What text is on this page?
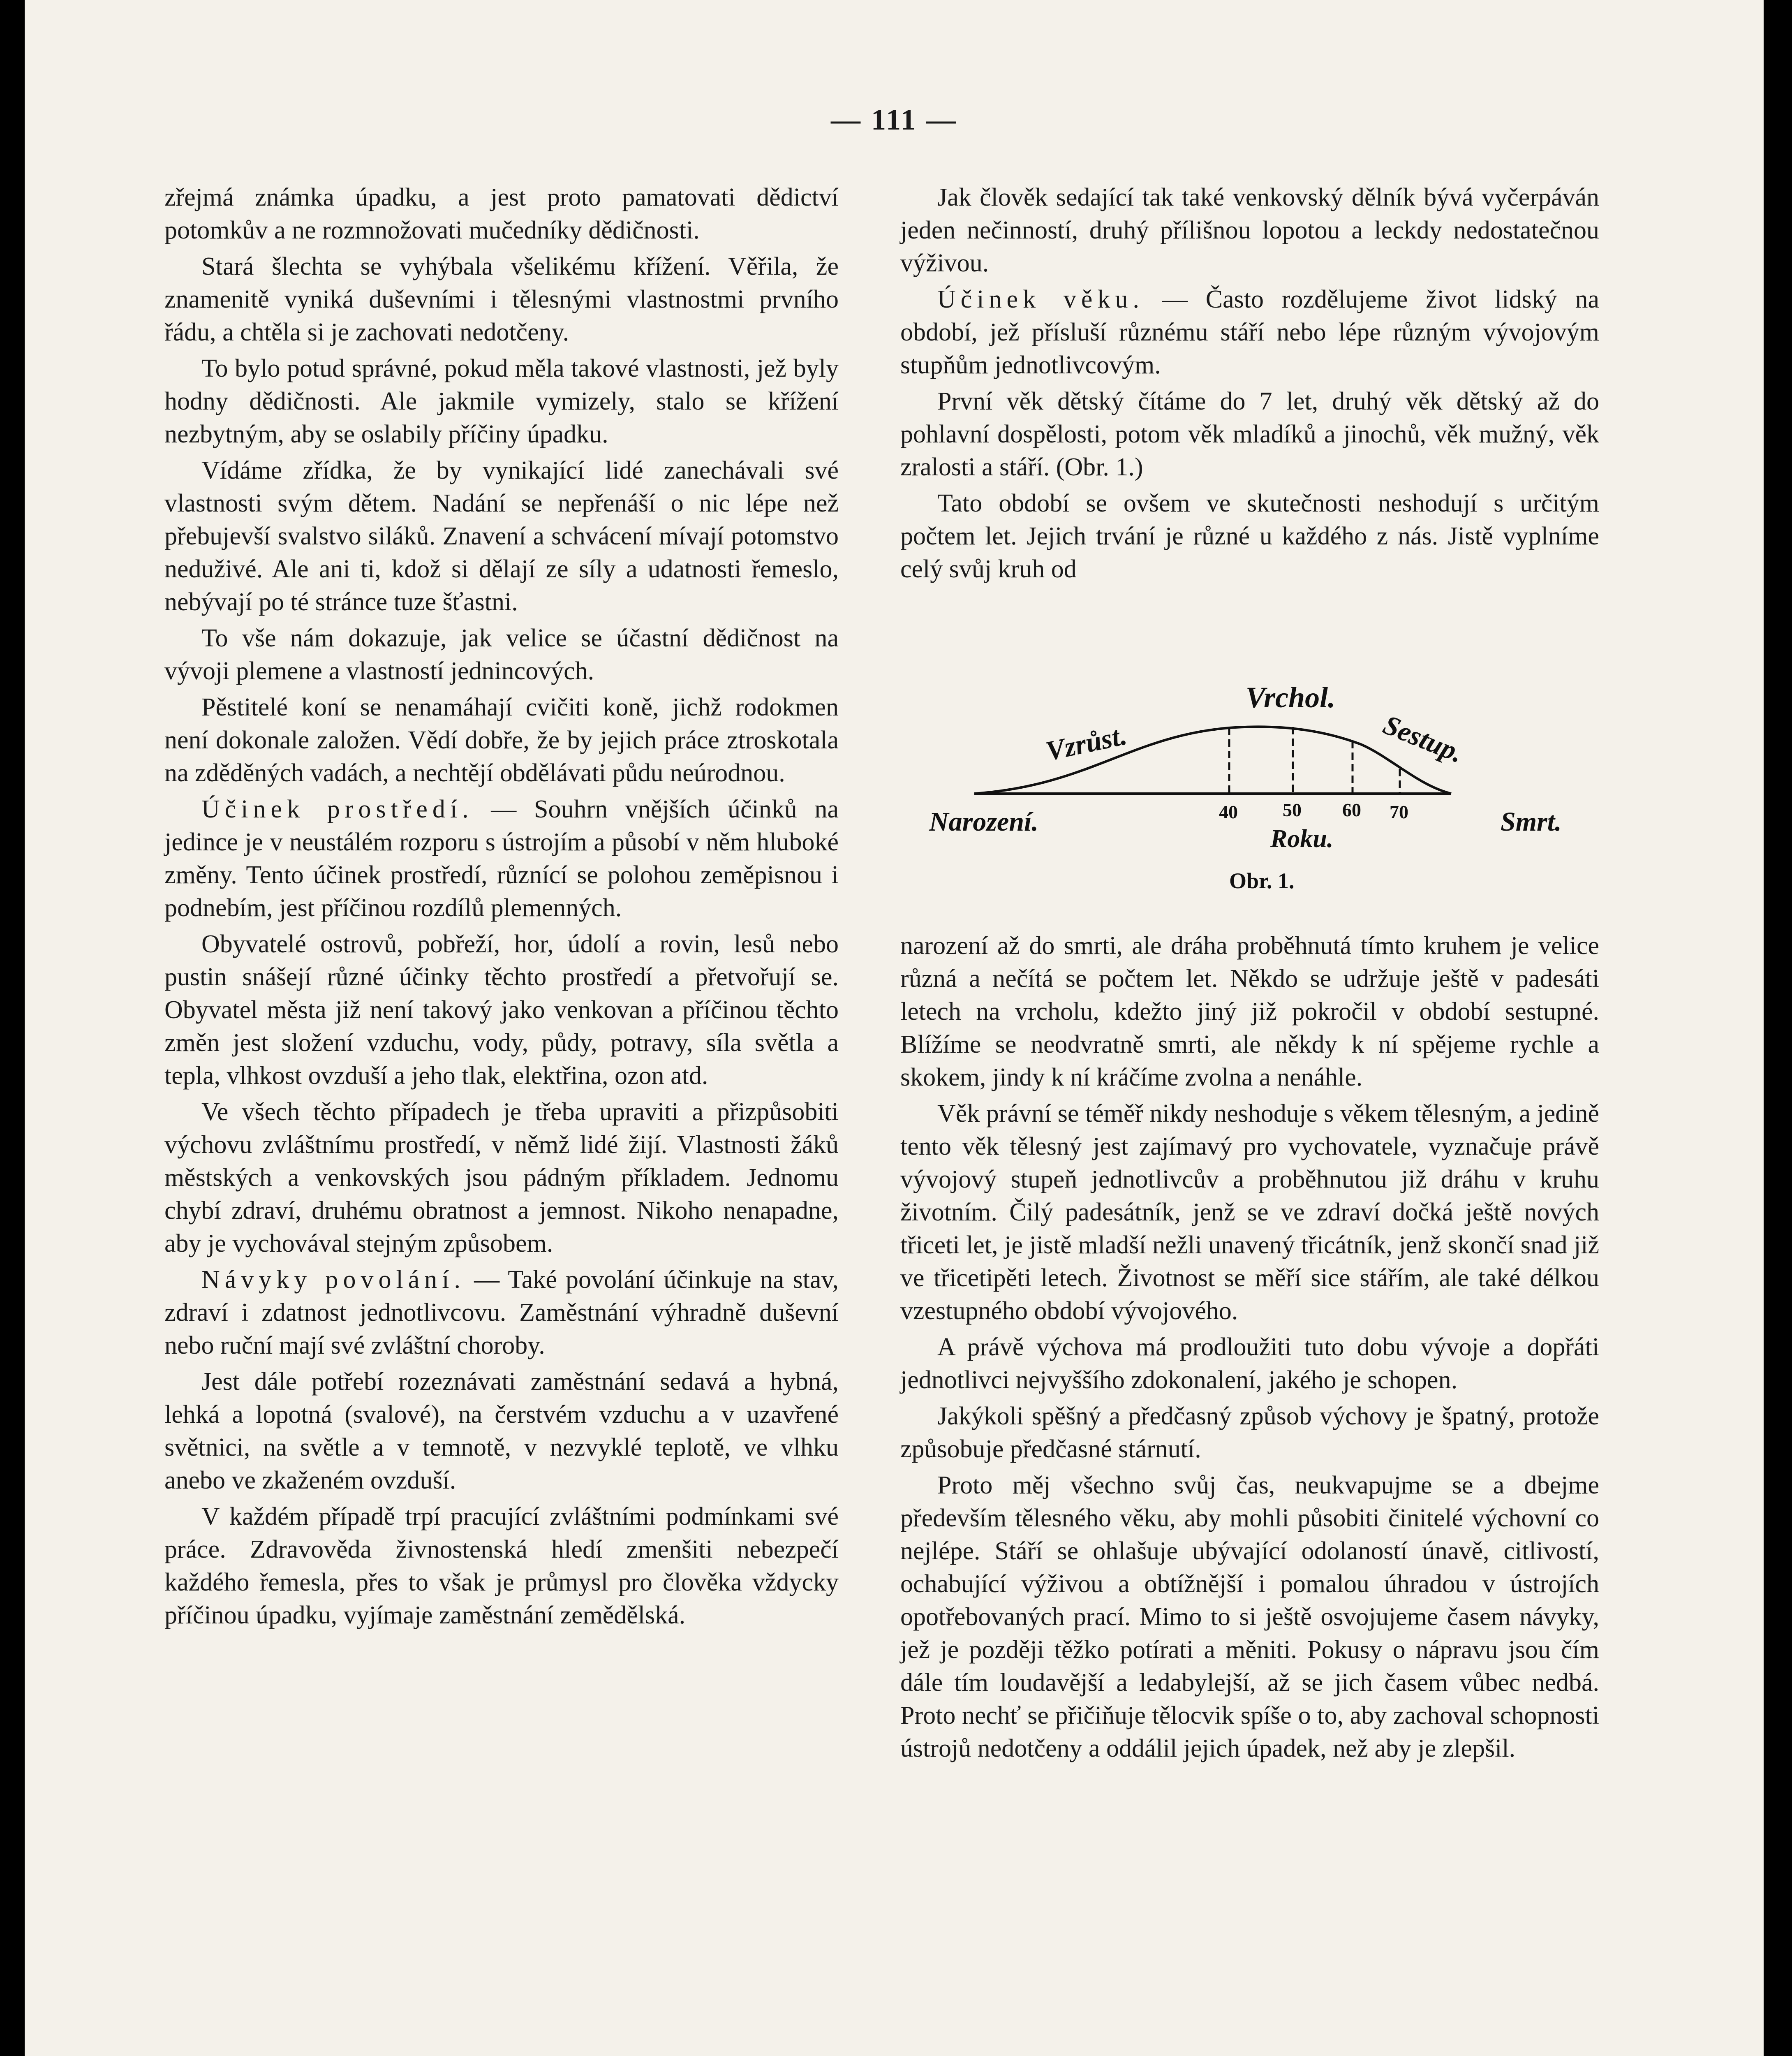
— 111 —

zřejmá známka úpadku, a jest proto pamatovati dědictví potomkův a ne rozmnožovati mučedníky dědičnosti.

Stará šlechta se vyhýbala všelikému křížení. Věřila, že znamenitě vyniká duševními i tělesnými vlastnostmi prvního řádu, a chtěla si je zachovati nedotčeny.

To bylo potud správné, pokud měla takové vlastnosti, jež byly hodny dědičnosti. Ale jakmile vymizely, stalo se křížení nezbytným, aby se oslabily příčiny úpadku.

Vídáme zřídka, že by vynikající lidé zanechávali své vlastnosti svým dětem. Nadání se nepřenáší o nic lépe než přebujevší svalstvo siláků. Znavení a schvácení mívají potomstvo neduživé. Ale ani ti, kdož si dělají ze síly a udatnosti řemeslo, nebývají po té stránce tuze šťastni.

To vše nám dokazuje, jak velice se účastní dědičnost na vývoji plemene a vlastností jednincových.

Pěstitelé koní se nenamáhají cvičiti koně, jichž rodokmen není dokonale založen. Vědí dobře, že by jejich práce ztroskotala na zděděných vadách, a nechtějí obdělávati půdu neúrodnou.

Účinek prostředí. — Souhrn vnějších účinků na jedince je v neustálém rozporu s ústrojím a působí v něm hluboké změny. Tento účinek prostředí, různící se polohou zeměpisnou i podnebím, jest příčinou rozdílů plemenných.

Obyvatelé ostrovů, pobřeží, hor, údolí a rovin, lesů nebo pustin snášejí různé účinky těchto prostředí a přetvořují se. Obyvatel města již není takový jako venkovan a příčinou těchto změn jest složení vzduchu, vody, půdy, potravy, síla světla a tepla, vlhkost ovzduší a jeho tlak, elektřina, ozon atd.

Ve všech těchto případech je třeba upraviti a přizpůsobiti výchovu zvláštnímu prostředí, v němž lidé žijí. Vlastnosti žáků městských a venkovských jsou pádným příkladem. Jednomu chybí zdraví, druhému obratnost a jemnost. Nikoho nenapadne, aby je vychovával stejným způsobem.

Návyky povolání. — Také povolání účinkuje na stav, zdraví i zdatnost jednotlivcovu. Zaměstnání výhradně duševní nebo ruční mají své zvláštní choroby.

Jest dále potřebí rozeznávati zaměstnání sedavá a hybná, lehká a lopotná (svalové), na čerstvém vzduchu a v uzavřené světnici, na světle a v temnotě, v nezvyklé teplotě, ve vlhku anebo ve zkaženém ovzduší.

V každém případě trpí pracující zvláštními podmínkami své práce. Zdravověda živnostenská hledí zmenšiti nebezpečí každého řemesla, přes to však je průmysl pro člověka vždycky příčinou úpadku, vyjímaje zaměstnání zemědělská.

Jak člověk sedající tak také venkovský dělník bývá vyčerpáván jeden nečinností, druhý přílišnou lopotou a leckdy nedostatečnou výživou.

Účinek věku. — Často rozdělujeme život lidský na období, jež přísluší různému stáří nebo lépe různým vývojovým stupňům jednotlivcovým.

První věk dětský čítáme do 7 let, druhý věk dětský až do pohlavní dospělosti, potom věk mladíků a jinochů, věk mužný, věk zralosti a stáří. (Obr. 1.)

Tato období se ovšem ve skutečnosti neshodují s určitým počtem let. Jejich trvání je různé u každého z nás. Jistě vyplníme celý svůj kruh od

Vrchol.
Vzrůst.	Sestup.
Narození.	Smrt.
40 50 60 70
Roku.
Obr. 1.

narození až do smrti, ale dráha proběhnutá tímto kruhem je velice různá a nečítá se počtem let. Někdo se udržuje ještě v padesáti letech na vrcholu, kdežto jiný již pokročil v období sestupné. Blížíme se neodvratně smrti, ale někdy k ní spějeme rychle a skokem, jindy k ní kráčíme zvolna a nenáhle.

Věk právní se téměř nikdy neshoduje s věkem tělesným, a jedině tento věk tělesný jest zajímavý pro vychovatele, vyznačuje právě vývojový stupeň jednotlivcův a proběhnutou již dráhu v kruhu životním. Čilý padesátník, jenž se ve zdraví dočká ještě nových třiceti let, je jistě mladší nežli unavený třicátník, jenž skončí snad již ve třicetipěti letech. Životnost se měří sice stářím, ale také délkou vzestupného období vývojového.

A právě výchova má prodloužiti tuto dobu vývoje a dopřáti jednotlivci nejvyššího zdokonalení, jakého je schopen.

Jakýkoli spěšný a předčasný způsob výchovy je špatný, protože způsobuje předčasné stárnutí.

Proto měj všechno svůj čas, neukvapujme se a dbejme především tělesného věku, aby mohli působiti činitelé výchovní co nejlépe. Stáří se ohlašuje ubývající odolaností únavě, citlivostí, ochabující výživou a obtížnější i pomalou úhradou v ústrojích opotřebovaných prací. Mimo to si ještě osvojujeme časem návyky, jež je později těžko potírati a měniti. Pokusy o nápravu jsou čím dále tím loudavější a ledabylejší, až se jich časem vůbec nedbá. Proto nechť se přičiňuje tělocvik spíše o to, aby zachoval schopnosti ústrojů nedotčeny a oddálil jejich úpadek, než aby je zlepšil.
